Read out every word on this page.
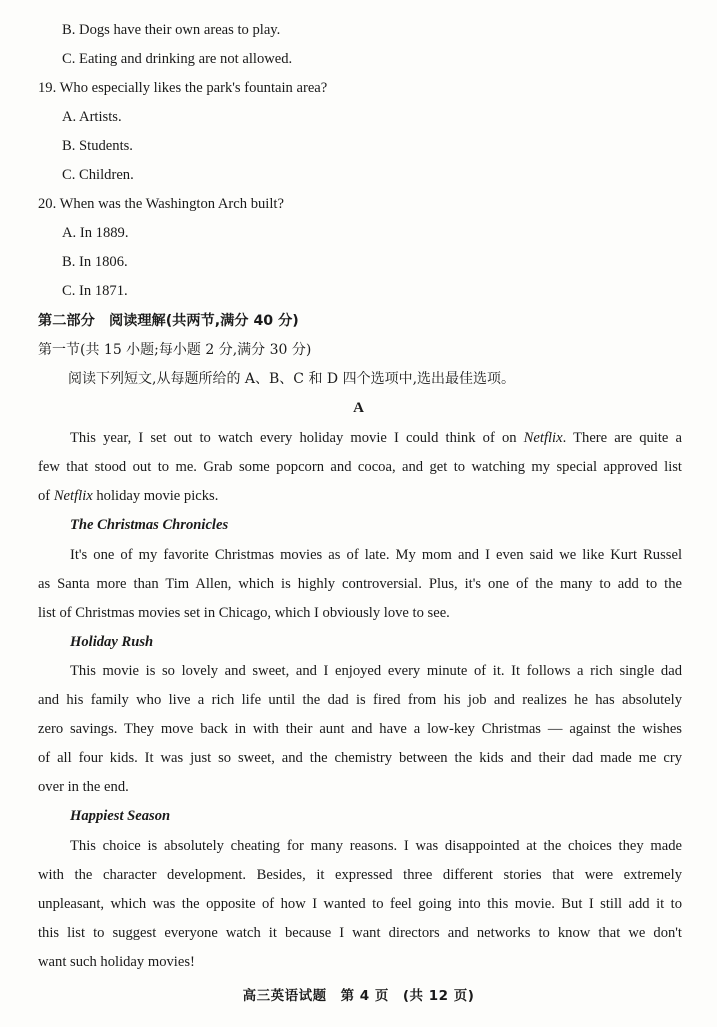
B. Dogs have their own areas to play.
C. Eating and drinking are not allowed.
19. Who especially likes the park's fountain area?
A. Artists.
B. Students.
C. Children.
20. When was the Washington Arch built?
A. In 1889.
B. In 1806.
C. In 1871.
第二部分　阅读理解(共两节,满分 40 分)
第一节(共 15 小题;每小题 2 分,满分 30 分)
阅读下列短文,从每题所给的 A、B、C 和 D 四个选项中,选出最佳选项。
A
This year, I set out to watch every holiday movie I could think of on Netflix. There are quite a
few that stood out to me. Grab some popcorn and cocoa, and get to watching my special approved list
of Netflix holiday movie picks.
The Christmas Chronicles
It's one of my favorite Christmas movies as of late. My mom and I even said we like Kurt Russel
as Santa more than Tim Allen, which is highly controversial. Plus, it's one of the many to add to the
list of Christmas movies set in Chicago, which I obviously love to see.
Holiday Rush
This movie is so lovely and sweet, and I enjoyed every minute of it. It follows a rich single dad
and his family who live a rich life until the dad is fired from his job and realizes he has absolutely
zero savings. They move back in with their aunt and have a low-key Christmas — against the wishes
of all four kids. It was just so sweet, and the chemistry between the kids and their dad made me cry
over in the end.
Happiest Season
This choice is absolutely cheating for many reasons. I was disappointed at the choices they made
with the character development. Besides, it expressed three different stories that were extremely
unpleasant, which was the opposite of how I wanted to feel going into this movie. But I still add it to
this list to suggest everyone watch it because I want directors and networks to know that we don't
want such holiday movies!
高三英语试题　第 4 页　(共 12 页)
